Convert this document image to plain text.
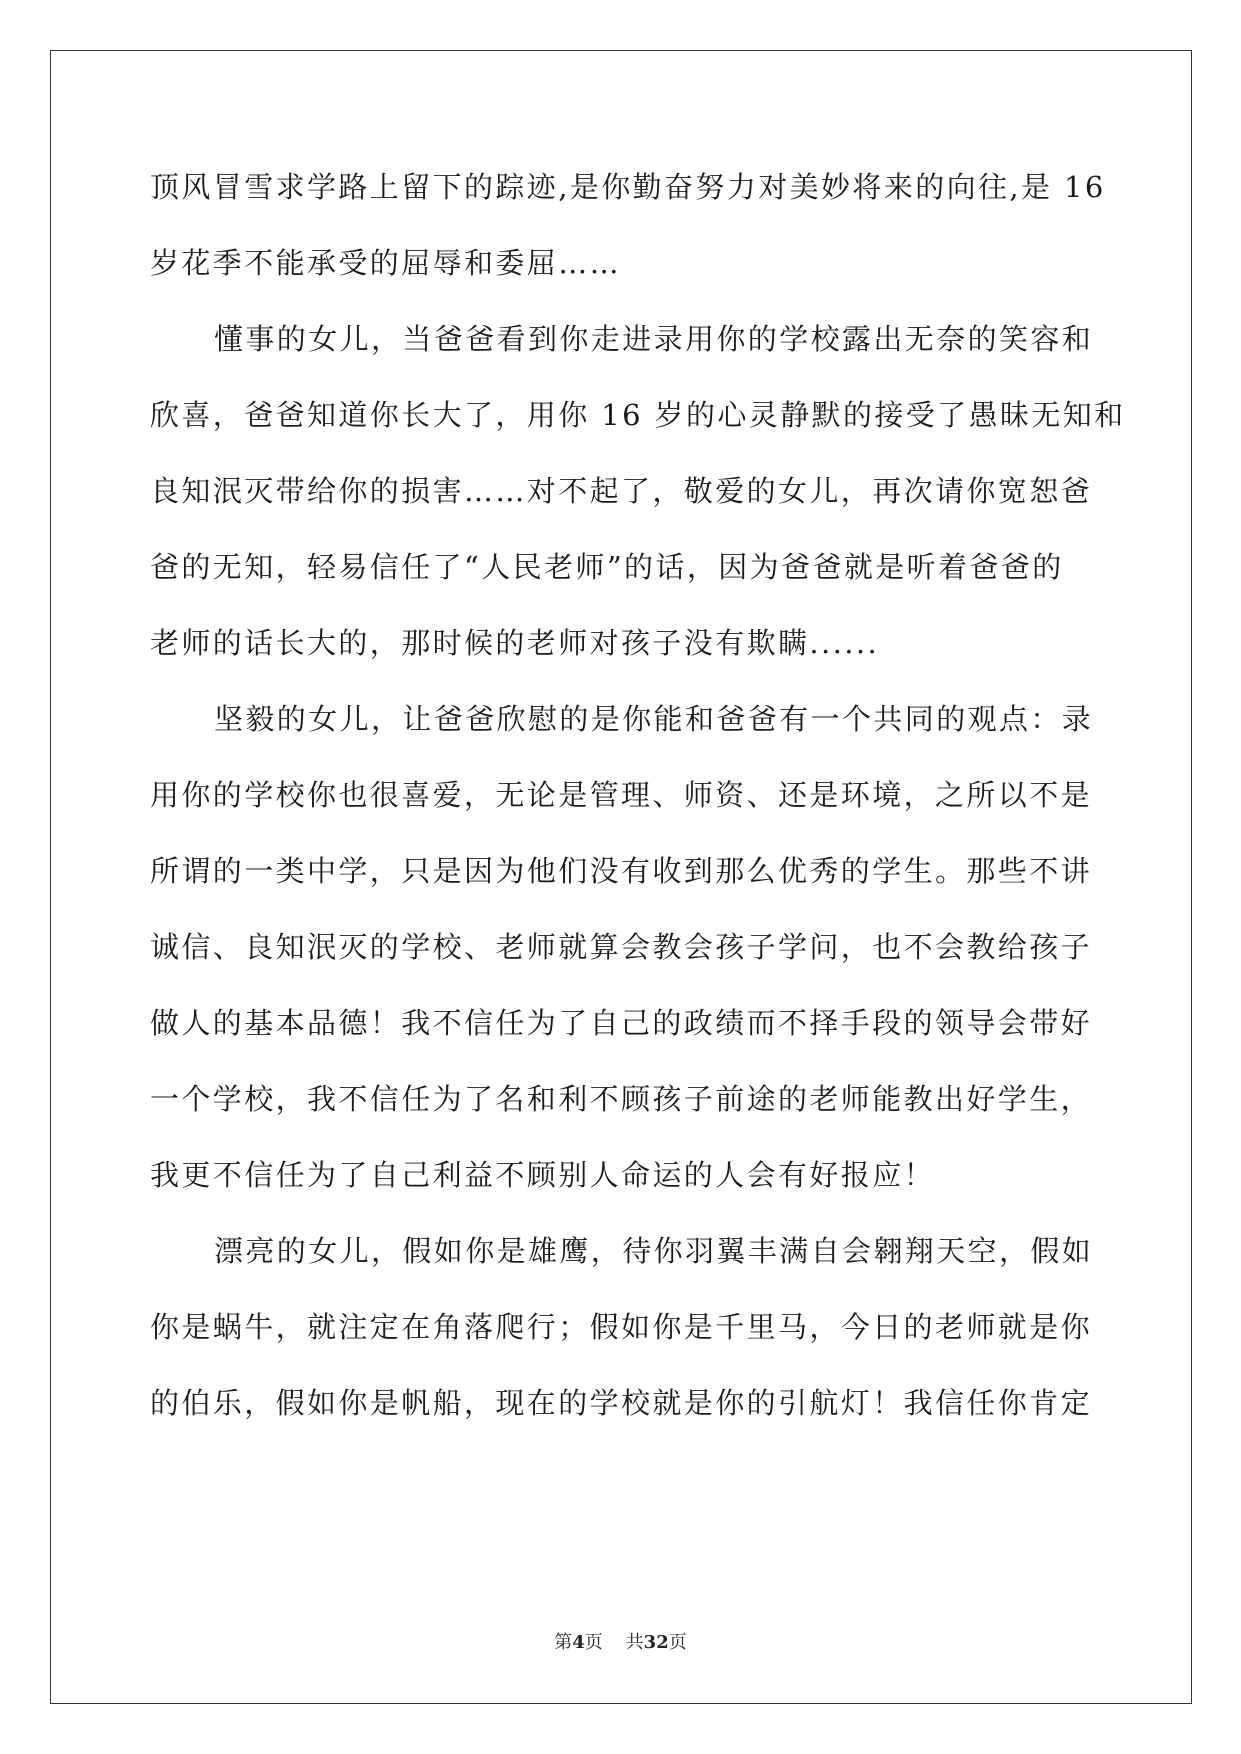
顶风冒雪求学路上留下的踪迹,是你勤奋努力对美妙将来的向往,是 16
岁花季不能承受的屈辱和委屈……
懂事的女儿，当爸爸看到你走进录用你的学校露出无奈的笑容和
欣喜，爸爸知道你长大了，用你 16 岁的心灵静默的接受了愚昧无知和
良知泯灭带给你的损害……对不起了，敬爱的女儿，再次请你宽恕爸
爸的无知，轻易信任了“人民老师”的话，因为爸爸就是听着爸爸的
老师的话长大的，那时候的老师对孩子没有欺瞒......
坚毅的女儿，让爸爸欣慰的是你能和爸爸有一个共同的观点：录
用你的学校你也很喜爱，无论是管理、师资、还是环境，之所以不是
所谓的一类中学，只是因为他们没有收到那么优秀的学生。那些不讲
诚信、良知泯灭的学校、老师就算会教会孩子学问，也不会教给孩子
做人的基本品德！我不信任为了自己的政绩而不择手段的领导会带好
一个学校，我不信任为了名和利不顾孩子前途的老师能教出好学生，
我更不信任为了自己利益不顾别人命运的人会有好报应！
漂亮的女儿，假如你是雄鹰，待你羽翼丰满自会翱翔天空，假如
你是蜗牛，就注定在角落爬行；假如你是千里马，今日的老师就是你
的伯乐，假如你是帆船，现在的学校就是你的引航灯！我信任你肯定
第4页 共32页
